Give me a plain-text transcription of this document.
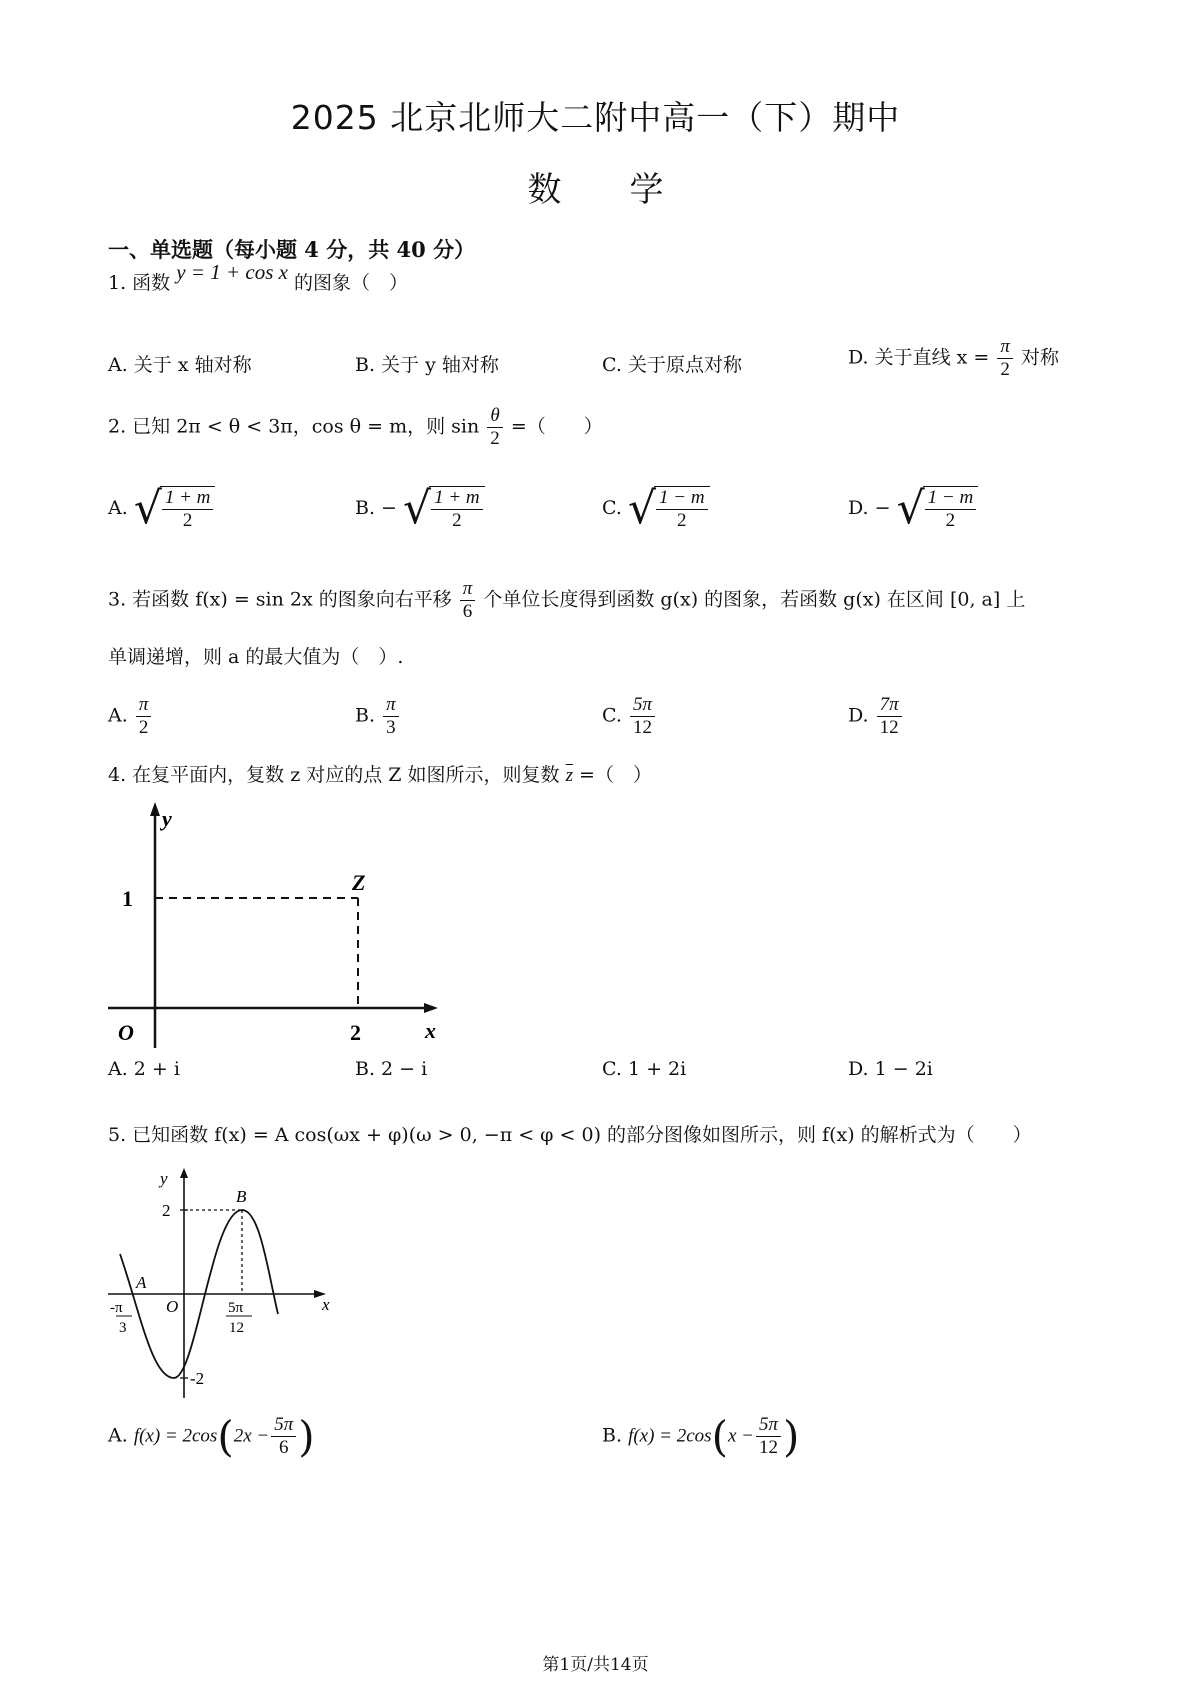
2025 北京北师大二附中高一（下）期中
数 学
一、单选题（每小题 4 分，共 40 分）
1. 函数 y = 1 + cos x 的图象（　）
A. 关于 x 轴对称	B. 关于 y 轴对称	C. 关于原点对称	D. 关于直线 $x = \frac{\pi}{2}$ 对称
2. 已知 2π < θ < 3π，cos θ = m，则 $\sin \frac{\theta}{2}$ =（　　）
A. √ $\frac{1 + m}{2}$	B. − √ $\frac{1 + m}{2}$	C. √ $\frac{1 - m}{2}$	D. − √ $\frac{1 - m}{2}$
3. 若函数 f(x) = sin 2x 的图象向右平移 $\frac{\pi}{6}$ 个单位长度得到函数 g(x) 的图象，若函数 g(x) 在区间 [0, a] 上
单调递增，则 a 的最大值为（　）.
A. $\frac{\pi}{2}$	B. $\frac{\pi}{3}$	C. $\frac{5\pi}{12}$	D. $\frac{7\pi}{12}$
4. 在复平面内，复数 z 对应的点 Z 如图所示，则复数 $\overline{z}$ =（　）
y
x
1
2
Z
O
A. 2 + i	B. 2 − i	C. 1 + 2i	D. 1 − 2i
5. 已知函数 f(x) = A cos(ωx + φ)(ω > 0, −π < φ < 0) 的部分图像如图所示，则 f(x) 的解析式为（　　）
y
x
2
-2
B
A
O
-π
3
5π
12
A. $f(x) = 2\cos(2x - \frac{5\pi}{6}$ )	B. $f(x) = 2\cos(x - \frac{5\pi}{12}$ )
第1页/共14页
